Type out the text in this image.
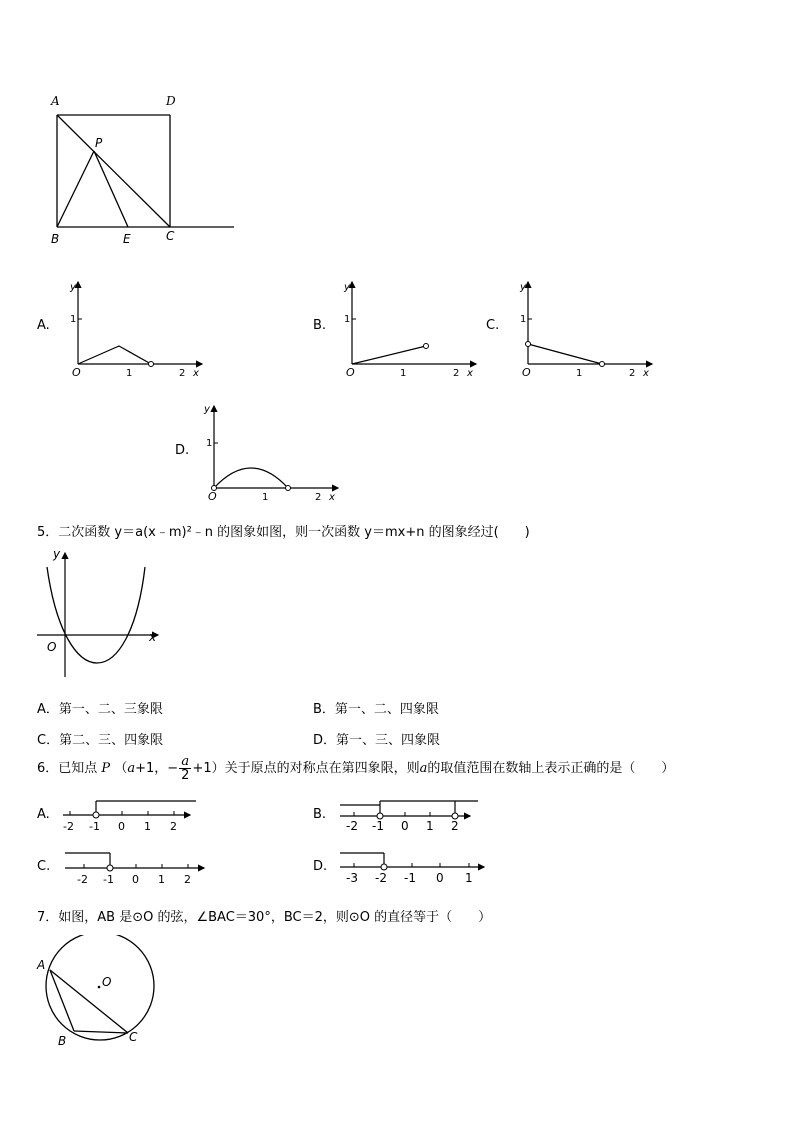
A	D
P
B	E	C
A.
y
1
O	1	2 x
B.
y
1
O	1	2 x
C.
y
1
O	1	2 x
D.
y
1
O	1	2 x
5．二次函数 y＝a(x﹣m)²﹣n 的图象如图，则一次函数 y＝mx+n 的图象经过(　　)
y
x
O
A．第一、二、三象限	B．第一、二、四象限
C．第二、三、四象限	D．第一、三、四象限
6．已知点 P （a+1，− $\frac{a}{2} +1$）关于原点的对称点在第四象限，则a的取值范围在数轴上表示正确的是（　　）
A.
-2 -1 0 1 2
B.
-2 -1 0 1 2
C.
-2 -1 0 1 2
D.
-3 -2 -1 0 1
7．如图，AB 是⊙O 的弦，∠BAC＝30°，BC＝2，则⊙O 的直径等于（　　）
A
O
B	C
